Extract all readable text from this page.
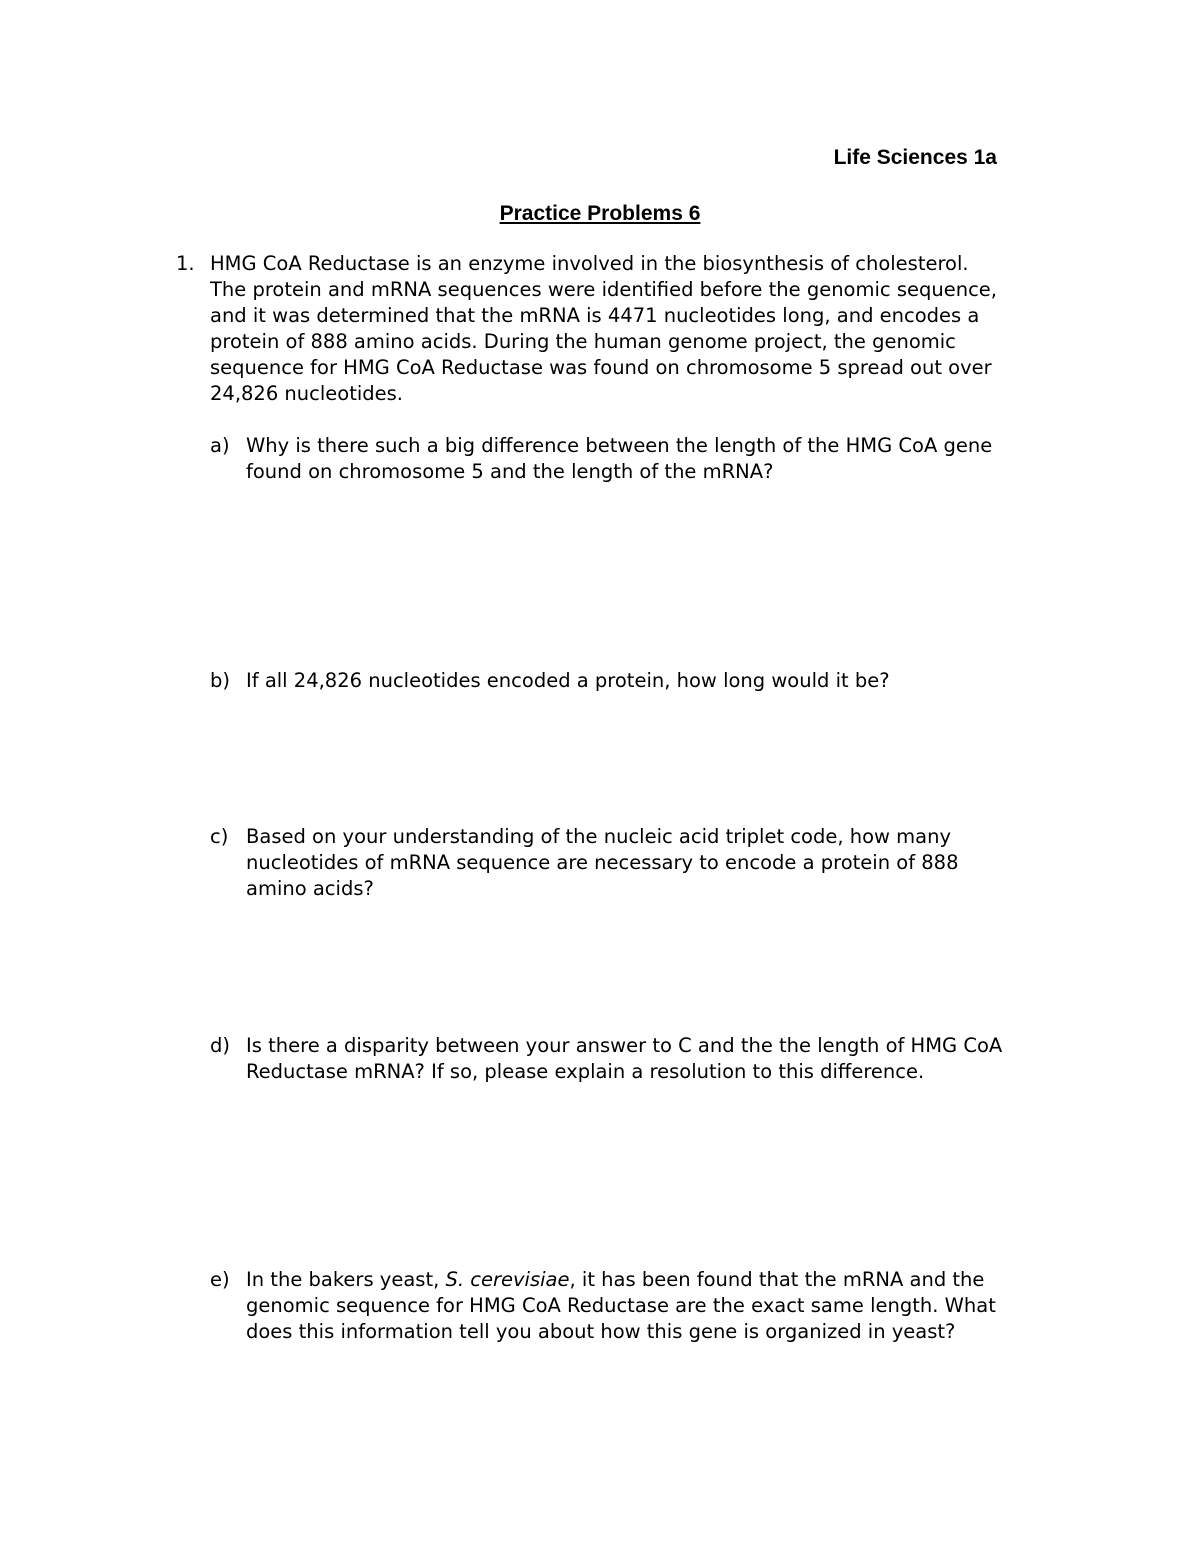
Life Sciences 1a
Practice Problems 6
1. HMG CoA Reductase is an enzyme involved in the biosynthesis of cholesterol. The protein and mRNA sequences were identified before the genomic sequence, and it was determined that the mRNA is 4471 nucleotides long, and encodes a protein of 888 amino acids. During the human genome project, the genomic sequence for HMG CoA Reductase was found on chromosome 5 spread out over 24,826 nucleotides.

a) Why is there such a big difference between the length of the HMG CoA gene found on chromosome 5 and the length of the mRNA?

b) If all 24,826 nucleotides encoded a protein, how long would it be?

c) Based on your understanding of the nucleic acid triplet code, how many nucleotides of mRNA sequence are necessary to encode a protein of 888 amino acids?

d) Is there a disparity between your answer to C and the the length of HMG CoA Reductase mRNA? If so, please explain a resolution to this difference.

e) In the bakers yeast, S. cerevisiae, it has been found that the mRNA and the genomic sequence for HMG CoA Reductase are the exact same length. What does this information tell you about how this gene is organized in yeast?
